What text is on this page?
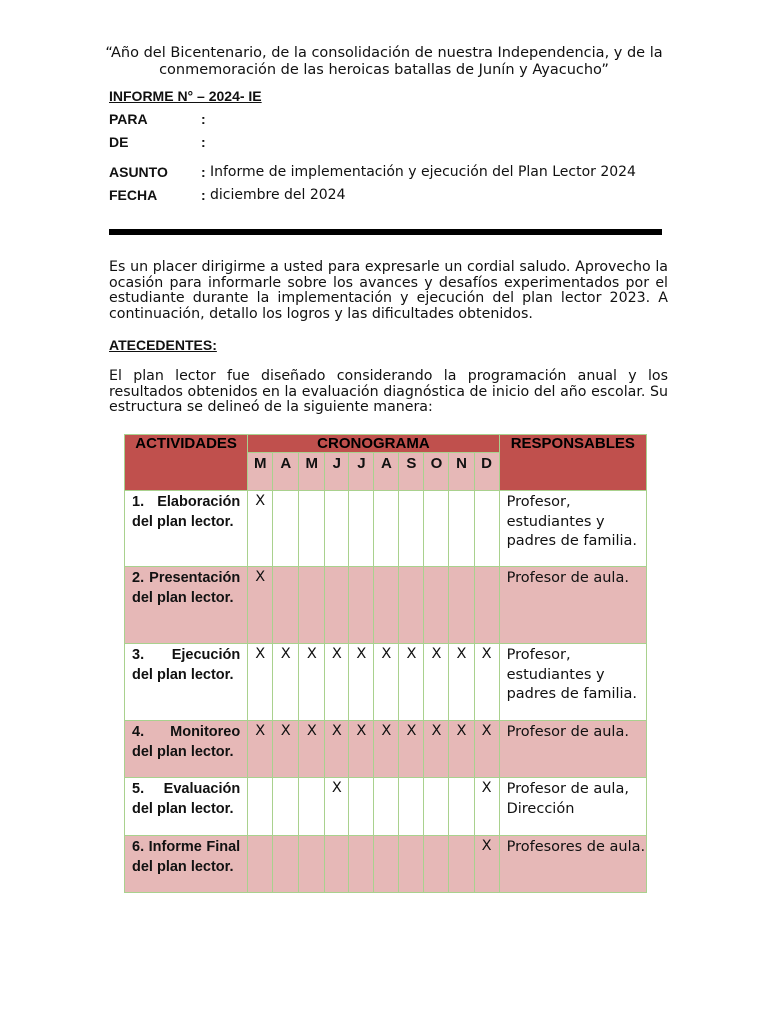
“Año del Bicentenario, de la consolidación de nuestra Independencia, y de la
conmemoración de las heroicas batallas de Junín y Ayacucho”
INFORME N° – 2024- IE
PARA	:
DE	:
ASUNTO : Informe de implementación y ejecución del Plan Lector 2024
FECHA	: diciembre del 2024
Es un placer dirigirme a usted para expresarle un cordial saludo. Aprovecho la ocasión para informarle sobre los avances y desafíos experimentados por el estudiante durante la implementación y ejecución del plan lector 2023. A continuación, detallo los logros y las dificultades obtenidos.
ATECEDENTES:
El plan lector fue diseñado considerando la programación anual y los resultados obtenidos en la evaluación diagnóstica de inicio del año escolar. Su estructura se delineó de la siguiente manera:
ACTIVIDADES	CRONOGRAMA										RESPONSABLES
	M	A	M	J	J	A	S	O	N	D	
1. Elaboración del plan lector.	X										Profesor, estudiantes y padres de familia.
2. Presentación del plan lector.	X										Profesor de aula.
3. Ejecución del plan lector.	X	X	X	X	X	X	X	X	X	X	Profesor, estudiantes y padres de familia.
4. Monitoreo del plan lector.	X	X	X	X	X	X	X	X	X	X	Profesor de aula.
5. Evaluación del plan lector.				X						X	Profesor de aula, Dirección
6. Informe Final del plan lector.										X	Profesores de aula.
